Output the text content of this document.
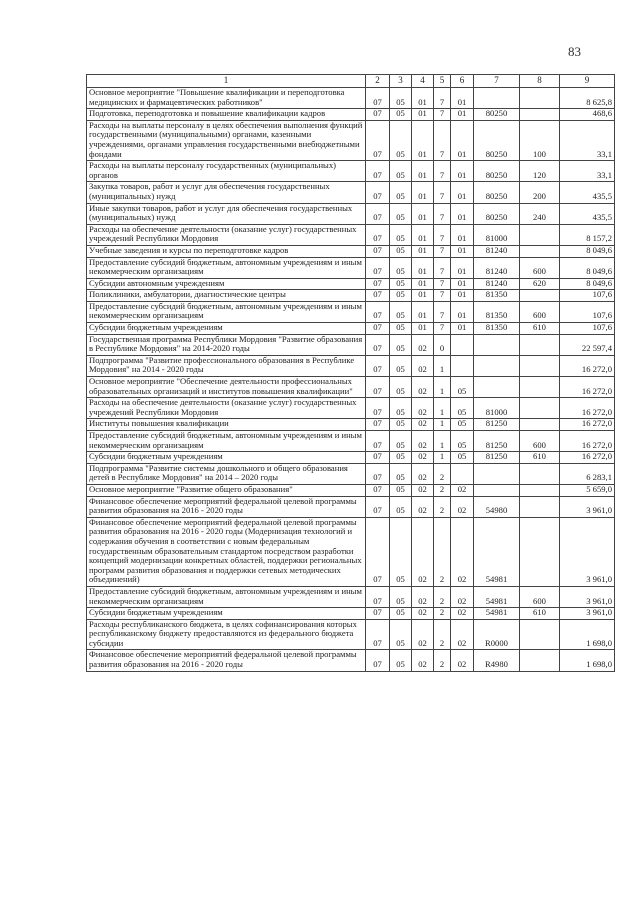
83
1	2	3	4	5	6	7	8	9
Основное мероприятие "Повышение квалификации и переподготовка медицинских и фармацевтических работников"	07	05	01	7	01			8 625,8
Подготовка, переподготовка и повышение квалификации кадров	07	05	01	7	01	80250		468,6
Расходы на выплаты персоналу в целях обеспечения выполнения функций государственными (муниципальными) органами, казенными учреждениями, органами управления государственными внебюджетными фондами	07	05	01	7	01	80250	100	33,1
Расходы на выплаты персоналу государственных (муниципальных) органов	07	05	01	7	01	80250	120	33,1
Закупка товаров, работ и услуг для обеспечения государственных (муниципальных) нужд	07	05	01	7	01	80250	200	435,5
Иные закупки товаров, работ и услуг для обеспечения государственных (муниципальных) нужд	07	05	01	7	01	80250	240	435,5
Расходы на обеспечение деятельности (оказание услуг) государственных учреждений Республики Мордовия	07	05	01	7	01	81000		8 157,2
Учебные заведения и курсы по переподготовке кадров	07	05	01	7	01	81240		8 049,6
Предоставление субсидий бюджетным, автономным учреждениям и иным некоммерческим организациям	07	05	01	7	01	81240	600	8 049,6
Субсидии автономным учреждениям	07	05	01	7	01	81240	620	8 049,6
Поликлиники, амбулатории, диагностические центры	07	05	01	7	01	81350		107,6
Предоставление субсидий бюджетным, автономным учреждениям и иным некоммерческим организациям	07	05	01	7	01	81350	600	107,6
Субсидии бюджетным учреждениям	07	05	01	7	01	81350	610	107,6
Государственная программа Республики Мордовия "Развитие образования в Республике Мордовия" на 2014-2020 годы	07	05	02	0				22 597,4
Подпрограмма "Развитие профессионального образования в Республике Мордовия" на 2014 - 2020 годы	07	05	02	1				16 272,0
Основное мероприятие "Обеспечение деятельности профессиональных образовательных организаций и институтов повышения квалификации"	07	05	02	1	05			16 272,0
Расходы на обеспечение деятельности (оказание услуг) государственных учреждений Республики Мордовия	07	05	02	1	05	81000		16 272,0
Институты повышения квалификации	07	05	02	1	05	81250		16 272,0
Предоставление субсидий бюджетным, автономным учреждениям и иным некоммерческим организациям	07	05	02	1	05	81250	600	16 272,0
Субсидии бюджетным учреждениям	07	05	02	1	05	81250	610	16 272,0
Подпрограмма "Развитие системы дошкольного и общего образования детей в Республике Мордовия" на 2014 – 2020 годы	07	05	02	2				6 283,1
Основное мероприятие "Развитие общего образования"	07	05	02	2	02			5 659,0
Финансовое обеспечение мероприятий федеральной целевой программы развития образования на 2016 - 2020 годы	07	05	02	2	02	54980		3 961,0
Финансовое обеспечение мероприятий федеральной целевой программы развития образования на 2016 - 2020 годы (Модернизация технологий и содержания обучения в соответствии с новым федеральным государственным образовательным стандартом посредством разработки концепций модернизации конкретных областей, поддержки региональных программ развития образования и поддержки сетевых методических объединений)	07	05	02	2	02	54981		3 961,0
Предоставление субсидий бюджетным, автономным учреждениям и иным некоммерческим организациям	07	05	02	2	02	54981	600	3 961,0
Субсидии бюджетным учреждениям	07	05	02	2	02	54981	610	3 961,0
Расходы республиканского бюджета, в целях софинансирования которых республиканскому бюджету предоставляются из федерального бюджета субсидии	07	05	02	2	02	R0000		1 698,0
Финансовое обеспечение мероприятий федеральной целевой программы развития образования на 2016 - 2020 годы	07	05	02	2	02	R4980		1 698,0
